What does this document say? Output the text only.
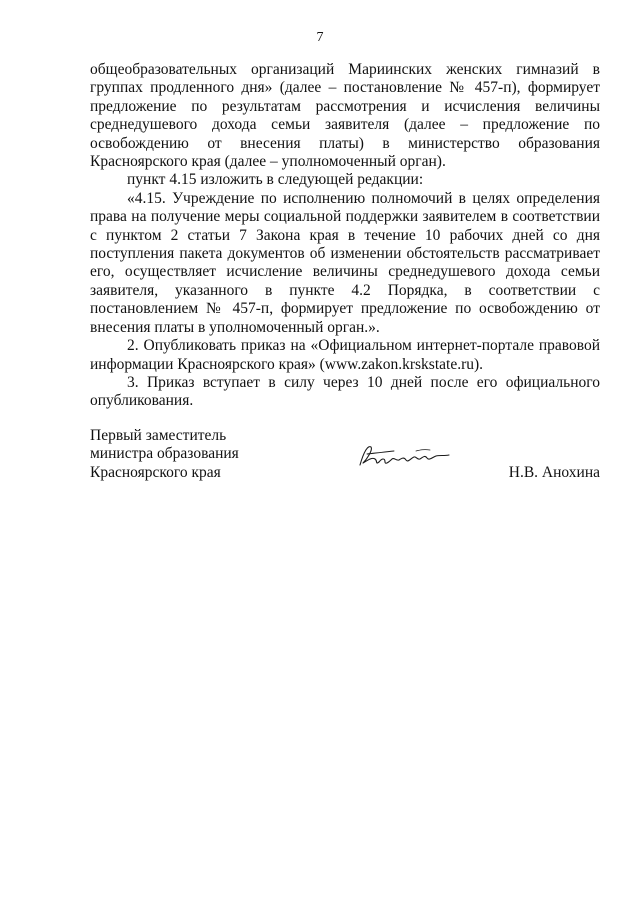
7

общеобразовательных организаций Мариинских женских гимназий в группах продленного дня» (далее – постановление № 457-п), формирует предложение по результатам рассмотрения и исчисления величины среднедушевого дохода семьи заявителя (далее – предложение по освобождению от внесения платы) в министерство образования Красноярского края (далее – уполномоченный орган).

пункт 4.15 изложить в следующей редакции:

«4.15. Учреждение по исполнению полномочий в целях определения права на получение меры социальной поддержки заявителем в соответствии с пунктом 2 статьи 7 Закона края в течение 10 рабочих дней со дня поступления пакета документов об изменении обстоятельств рассматривает его, осуществляет исчисление величины среднедушевого дохода семьи заявителя, указанного в пункте 4.2 Порядка, в соответствии с постановлением № 457-п, формирует предложение по освобождению от внесения платы в уполномоченный орган.».

2. Опубликовать приказ на «Официальном интернет-портале правовой информации Красноярского края» (www.zakon.krskstate.ru).

3. Приказ вступает в силу через 10 дней после его официального опубликования.

Первый заместитель
министра образования
Красноярского края	Н.В. Анохина
